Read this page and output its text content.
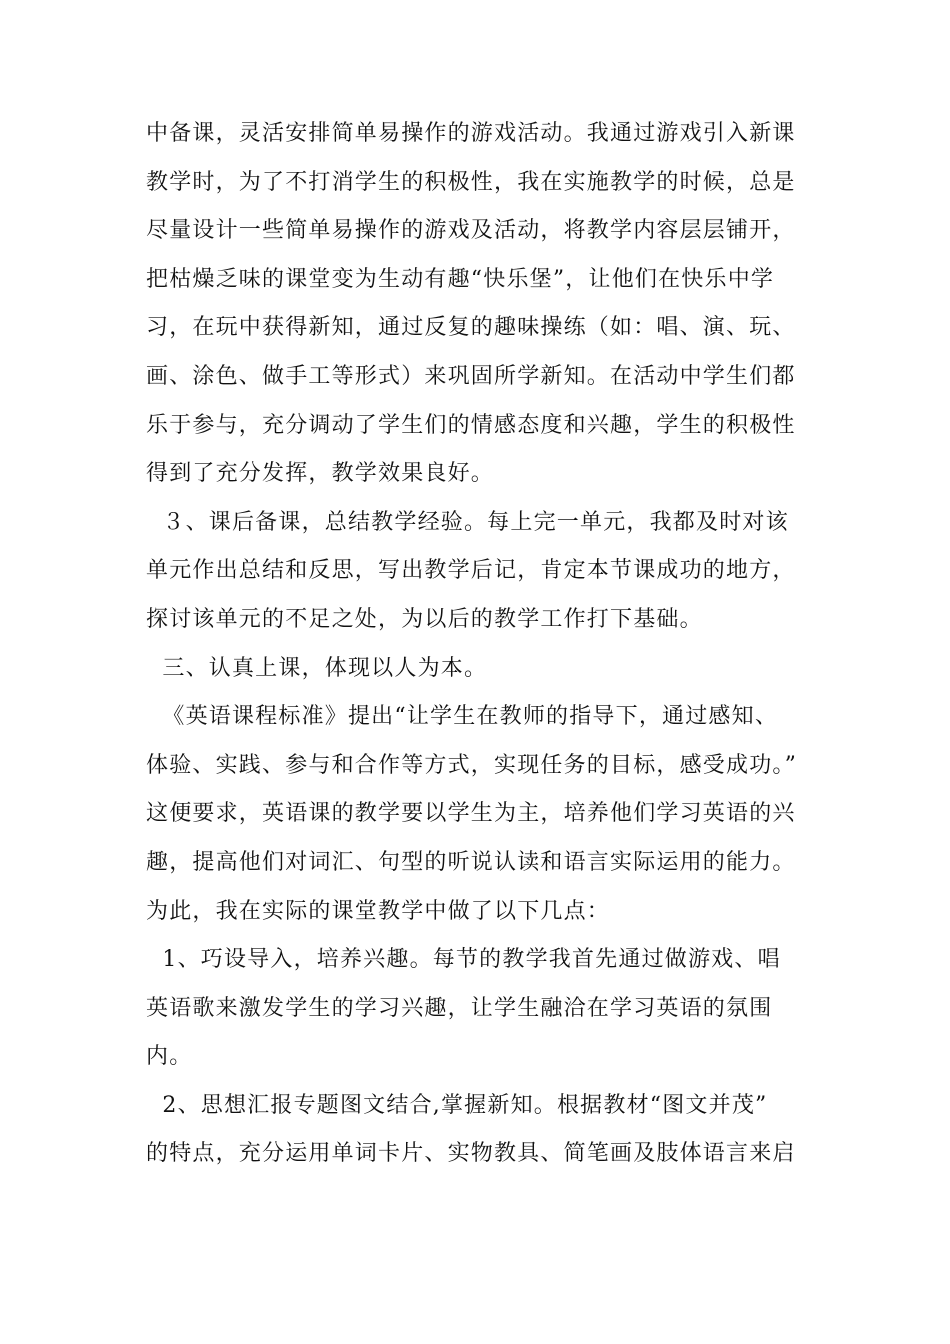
中备课，灵活安排简单易操作的游戏活动。我通过游戏引入新课
教学时，为了不打消学生的积极性，我在实施教学的时候，总是
尽量设计一些简单易操作的游戏及活动，将教学内容层层铺开，
把枯燥乏味的课堂变为生动有趣“快乐堡”，让他们在快乐中学
习，在玩中获得新知，通过反复的趣味操练（如：唱、演、玩、
画、涂色、做手工等形式）来巩固所学新知。在活动中学生们都
乐于参与，充分调动了学生们的情感态度和兴趣，学生的积极性
得到了充分发挥，教学效果良好。
３、课后备课，总结教学经验。每上完一单元，我都及时对该
单元作出总结和反思，写出教学后记，肯定本节课成功的地方，
探讨该单元的不足之处，为以后的教学工作打下基础。
三、认真上课，体现以人为本。
《英语课程标准》提出“让学生在教师的指导下，通过感知、
体验、实践、参与和合作等方式，实现任务的目标，感受成功。”
这便要求，英语课的教学要以学生为主，培养他们学习英语的兴
趣，提高他们对词汇、句型的听说认读和语言实际运用的能力。
为此，我在实际的课堂教学中做了以下几点：
1、巧设导入，培养兴趣。每节的教学我首先通过做游戏、唱
英语歌来激发学生的学习兴趣，让学生融洽在学习英语的氛围
内。
2、思想汇报专题图文结合,掌握新知。根据教材“图文并茂”
的特点，充分运用单词卡片、实物教具、简笔画及肢体语言来启
